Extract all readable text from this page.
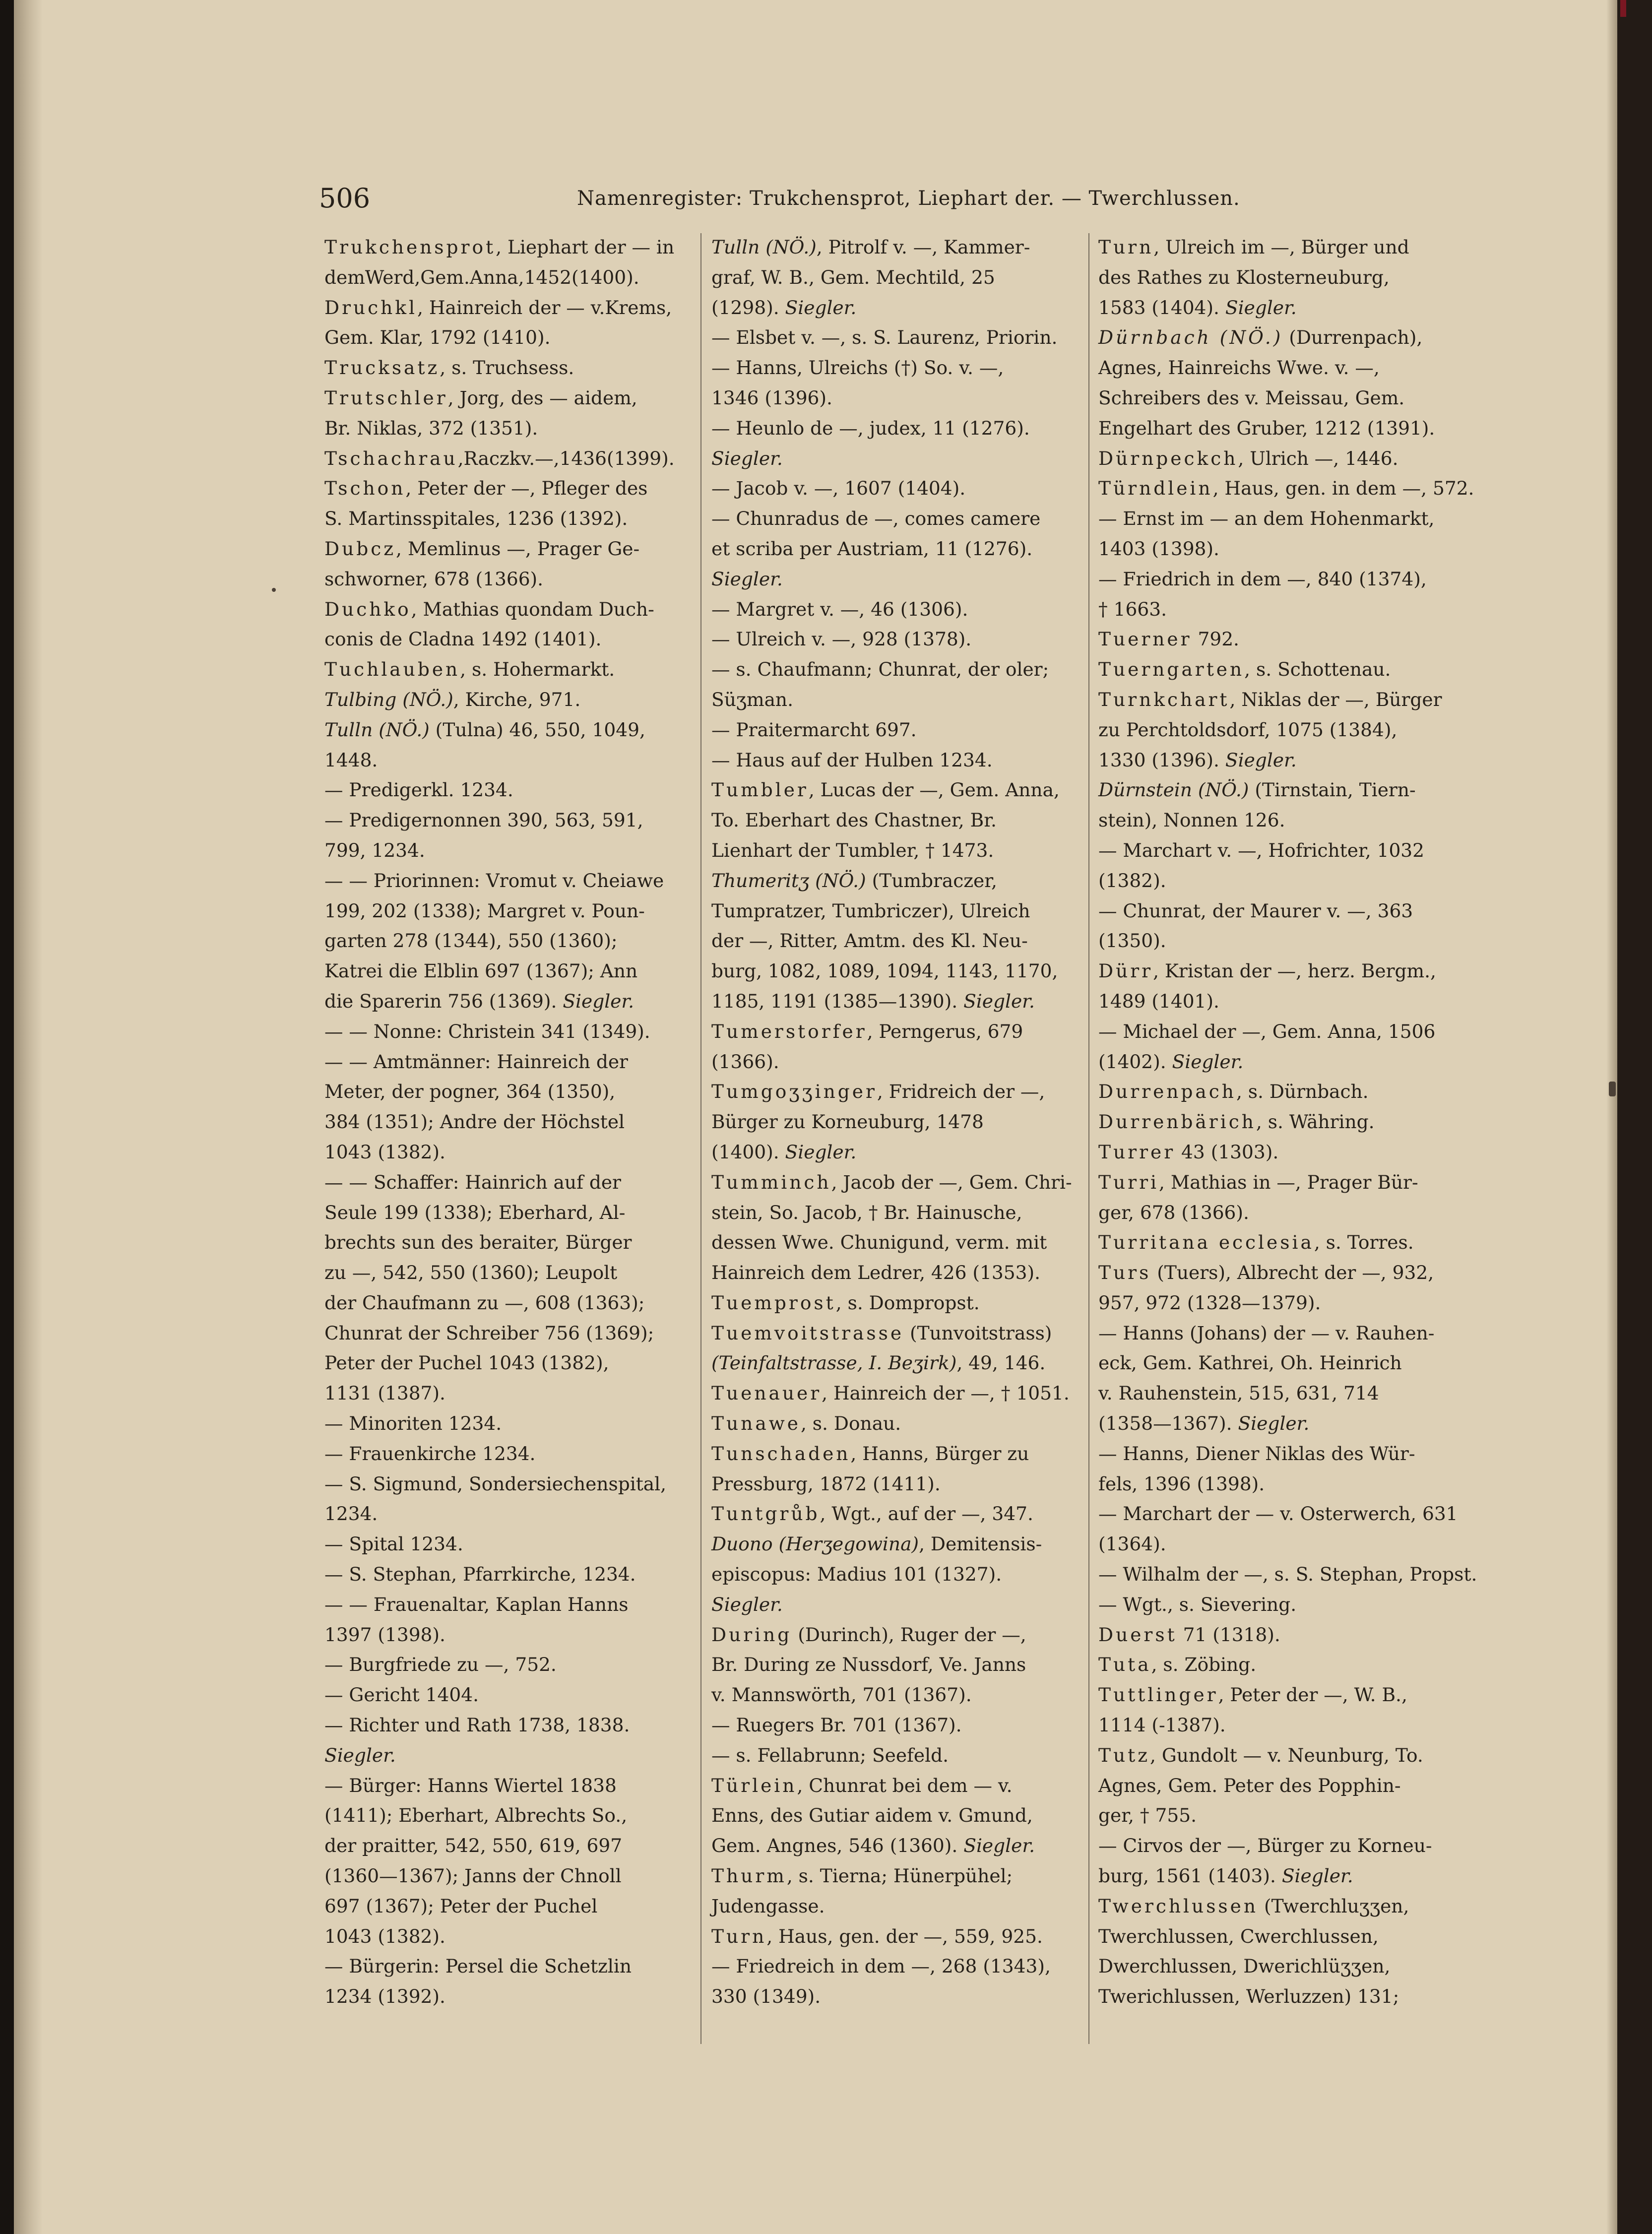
506	Namenregister: Trukchensprot, Liephart der. — Twerchlussen.
Trukchensprot, Liephart der — in
demWerd,Gem.Anna,1452(1400).
Druchkl, Hainreich der — v.Krems,
Gem. Klar, 1792 (1410).
Trucksatz, s. Truchsess.
Trutschler, Jorg, des — aidem,
Br. Niklas, 372 (1351).
Tschachrau,Raczkv.—,1436(1399).
Tschon, Peter der —, Pfleger des
S. Martinsspitales, 1236 (1392).
Dubcz, Memlinus —, Prager Ge-
schworner, 678 (1366).
Duchko, Mathias quondam Duch-
conis de Cladna 1492 (1401).
Tuchlauben, s. Hohermarkt.
Tulbing (NÖ.), Kirche, 971.
Tulln (NÖ.) (Tulna) 46, 550, 1049,
1448.
— Predigerkl. 1234.
— Predigernonnen 390, 563, 591,
799, 1234.
— — Priorinnen: Vromut v. Cheiawe
199, 202 (1338); Margret v. Poun-
garten 278 (1344), 550 (1360);
Katrei die Elblin 697 (1367); Ann
die Sparerin 756 (1369). Siegler.
— — Nonne: Christein 341 (1349).
— — Amtmänner: Hainreich der
Meter, der pogner, 364 (1350),
384 (1351); Andre der Höchstel
1043 (1382).
— — Schaffer: Hainrich auf der
Seule 199 (1338); Eberhard, Al-
brechts sun des beraiter, Bürger
zu —, 542, 550 (1360); Leupolt
der Chaufmann zu —, 608 (1363);
Chunrat der Schreiber 756 (1369);
Peter der Puchel 1043 (1382),
1131 (1387).
— Minoriten 1234.
— Frauenkirche 1234.
— S. Sigmund, Sondersiechenspital,
1234.
— Spital 1234.
— S. Stephan, Pfarrkirche, 1234.
— — Frauenaltar, Kaplan Hanns
1397 (1398).
— Burgfriede zu —, 752.
— Gericht 1404.
— Richter und Rath 1738, 1838.
Siegler.
— Bürger: Hanns Wiertel 1838
(1411); Eberhart, Albrechts So.,
der praitter, 542, 550, 619, 697
(1360—1367); Janns der Chnoll
697 (1367); Peter der Puchel
1043 (1382).
— Bürgerin: Persel die Schetzlin
1234 (1392).
Tulln (NÖ.), Pitrolf v. —, Kammer-
graf, W. B., Gem. Mechtild, 25
(1298). Siegler.
— Elsbet v. —, s. S. Laurenz, Priorin.
— Hanns, Ulreichs (†) So. v. —,
1346 (1396).
— Heunlo de —, judex, 11 (1276).
Siegler.
— Jacob v. —, 1607 (1404).
— Chunradus de —, comes camere
et scriba per Austriam, 11 (1276).
Siegler.
— Margret v. —, 46 (1306).
— Ulreich v. —, 928 (1378).
— s. Chaufmann; Chunrat, der oler;
Süʒman.
— Praitermarcht 697.
— Haus auf der Hulben 1234.
Tumbler, Lucas der —, Gem. Anna,
To. Eberhart des Chastner, Br.
Lienhart der Tumbler, † 1473.
Thumeritʒ (NÖ.) (Tumbraczer,
Tumpratzer, Tumbriczer), Ulreich
der —, Ritter, Amtm. des Kl. Neu-
burg, 1082, 1089, 1094, 1143, 1170,
1185, 1191 (1385—1390). Siegler.
Tumerstorfer, Perngerus, 679
(1366).
Tumgoʒʒinger, Fridreich der —,
Bürger zu Korneuburg, 1478
(1400). Siegler.
Tumminch, Jacob der —, Gem. Chri-
stein, So. Jacob, † Br. Hainusche,
dessen Wwe. Chunigund, verm. mit
Hainreich dem Ledrer, 426 (1353).
Tuemprost, s. Dompropst.
Tuemvoitstrasse (Tunvoitstrass)
(Teinfaltstrasse, I. Beʒirk), 49, 146.
Tuenauer, Hainreich der —, † 1051.
Tunawe, s. Donau.
Tunschaden, Hanns, Bürger zu
Pressburg, 1872 (1411).
Tuntgrůb, Wgt., auf der —, 347.
Duono (Herʒegowina), Demitensis-
episcopus: Madius 101 (1327).
Siegler.
During (Durinch), Ruger der —,
Br. During ze Nussdorf, Ve. Janns
v. Mannswörth, 701 (1367).
— Ruegers Br. 701 (1367).
— s. Fellabrunn; Seefeld.
Türlein, Chunrat bei dem — v.
Enns, des Gutiar aidem v. Gmund,
Gem. Angnes, 546 (1360). Siegler.
Thurm, s. Tierna; Hünerpühel;
Judengasse.
Turn, Haus, gen. der —, 559, 925.
— Friedreich in dem —, 268 (1343),
330 (1349).
Turn, Ulreich im —, Bürger und
des Rathes zu Klosterneuburg,
1583 (1404). Siegler.
Dürnbach (NÖ.) (Durrenpach),
Agnes, Hainreichs Wwe. v. —,
Schreibers des v. Meissau, Gem.
Engelhart des Gruber, 1212 (1391).
Dürnpeckch, Ulrich —, 1446.
Türndlein, Haus, gen. in dem —, 572.
— Ernst im — an dem Hohenmarkt,
1403 (1398).
— Friedrich in dem —, 840 (1374),
† 1663.
Tuerner 792.
Tuerngarten, s. Schottenau.
Turnkchart, Niklas der —, Bürger
zu Perchtoldsdorf, 1075 (1384),
1330 (1396). Siegler.
Dürnstein (NÖ.) (Tirnstain, Tiern-
stein), Nonnen 126.
— Marchart v. —, Hofrichter, 1032
(1382).
— Chunrat, der Maurer v. —, 363
(1350).
Dürr, Kristan der —, herz. Bergm.,
1489 (1401).
— Michael der —, Gem. Anna, 1506
(1402). Siegler.
Durrenpach, s. Dürnbach.
Durrenbärich, s. Währing.
Turrer 43 (1303).
Turri, Mathias in —, Prager Bür-
ger, 678 (1366).
Turritana ecclesia, s. Torres.
Turs (Tuers), Albrecht der —, 932,
957, 972 (1328—1379).
— Hanns (Johans) der — v. Rauhen-
eck, Gem. Kathrei, Oh. Heinrich
v. Rauhenstein, 515, 631, 714
(1358—1367). Siegler.
— Hanns, Diener Niklas des Wür-
fels, 1396 (1398).
— Marchart der — v. Osterwerch, 631
(1364).
— Wilhalm der —, s. S. Stephan, Propst.
— Wgt., s. Sievering.
Duerst 71 (1318).
Tuta, s. Zöbing.
Tuttlinger, Peter der —, W. B.,
1114 (-1387).
Tutz, Gundolt — v. Neunburg, To.
Agnes, Gem. Peter des Popphin-
ger, † 755.
— Cirvos der —, Bürger zu Korneu-
burg, 1561 (1403). Siegler.
Twerchlussen (Twerchluʒʒen,
Twerchlussen, Cwerchlussen,
Dwerchlussen, Dwerichlüʒʒen,
Twerichlussen, Werluzzen) 131;
